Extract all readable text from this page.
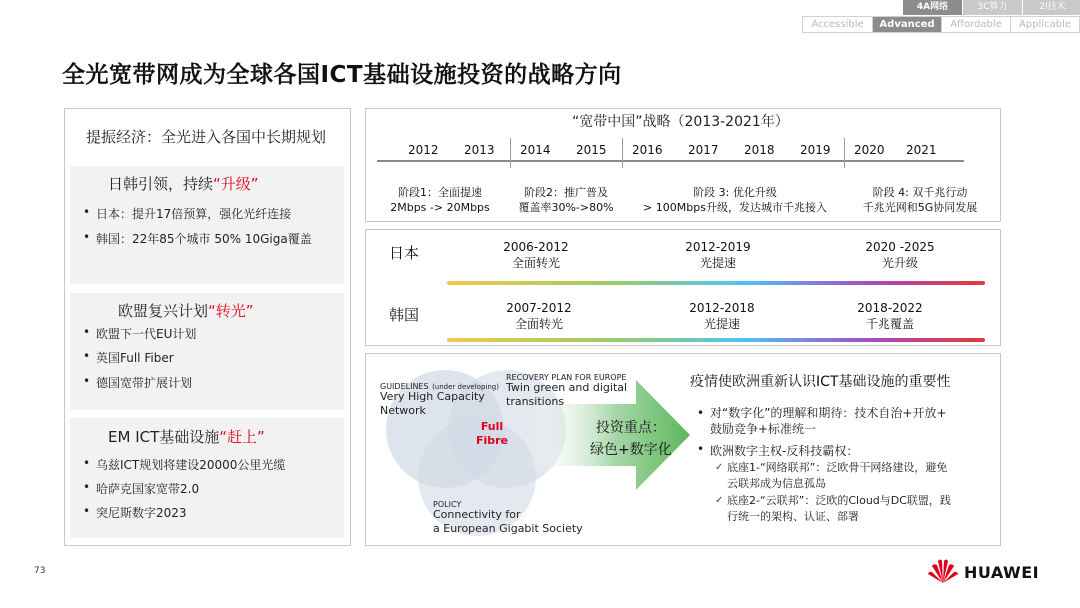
4A网络	3C算力	2I技术
Accessible	Advanced	Affordable	Applicable
全光宽带网成为全球各国ICT基础设施投资的战略方向
提振经济：全光进入各国中长期规划
日韩引领，持续“升级”
• 日本：提升17倍预算，强化光纤连接
• 韩国：22年85个城市 50% 10Giga覆盖
欧盟复兴计划“转光”
• 欧盟下一代EU计划
• 英国Full Fiber
• 德国宽带扩展计划
EM ICT基础设施“赶上”
• 乌兹ICT规划将建设20000公里光缆
• 哈萨克国家宽带2.0
• 突尼斯数字2023
“宽带中国”战略（2013-2021年）
2012 2013 2014 2015 2016 2017 2018 2019 2020 2021
阶段1：全面提速
2Mbps -> 20Mbps
阶段2：推广普及
覆盖率30%->80%
阶段 3: 优化升级
> 100Mbps升级，发达城市千兆接入
阶段 4: 双千兆行动
千兆光网和5G协同发展
日本	2006-2012
全面转光
2012-2019
光提速
2020 -2025
光升级
韩国	2007-2012
全面转光
2012-2018
光提速
2018-2022
千兆覆盖
GUIDELINES (under developing)
Very High Capacity
Network
RECOVERY PLAN FOR EUROPE
Twin green and digital
transitions
Full
Fibre
POLICY
Connectivity for
a European Gigabit Society
投资重点：
绿色+数字化
疫情使欧洲重新认识ICT基础设施的重要性
• 对“数字化”的理解和期待：技术自治+开放+
鼓励竞争+标准统一
• 欧洲数字主权-反科技霸权：
✓ 底座1-“网络联邦”：泛欧骨干网络建设，避免
云联邦成为信息孤岛
✓ 底座2-“云联邦”：泛欧的Cloud与DC联盟，践
行统一的架构、认证、部署
73	HUAWEI
